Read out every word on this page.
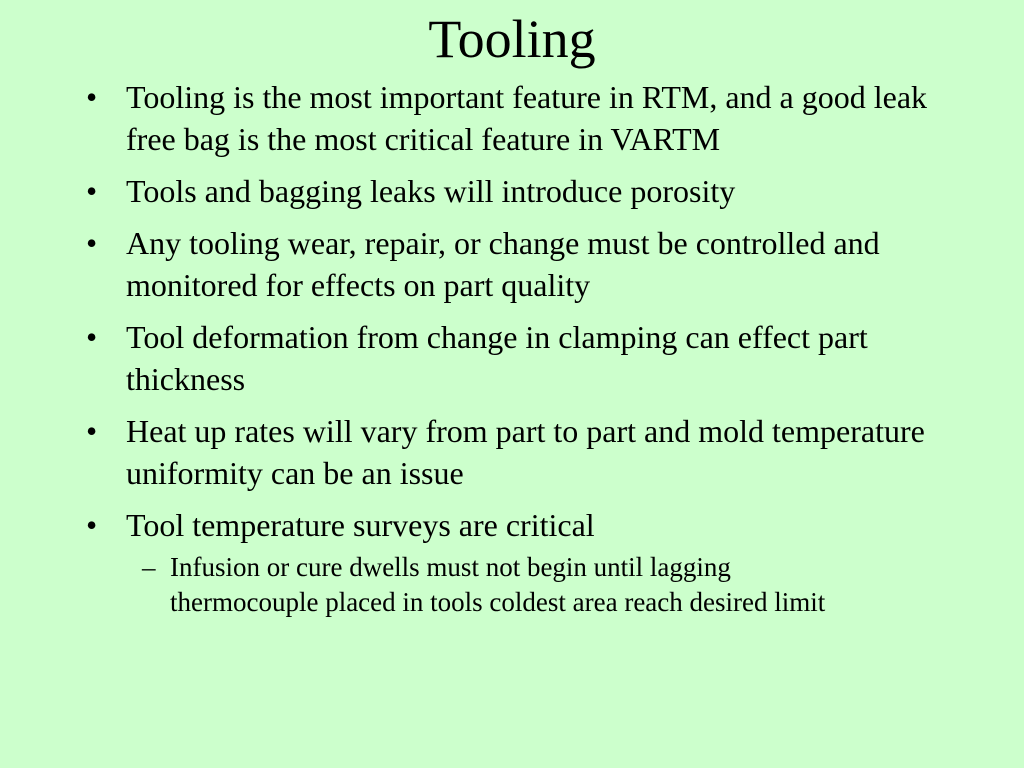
Tooling
• Tooling is the most important feature in RTM, and a good leak free bag is the most critical feature in VARTM
• Tools and bagging leaks will introduce porosity
• Any tooling wear, repair, or change must be controlled and monitored for effects on part quality
• Tool deformation from change in clamping can effect part thickness
• Heat up rates will vary from part to part and mold temperature uniformity can be an issue
• Tool temperature surveys are critical
– Infusion or cure dwells must not begin until lagging thermocouple placed in tools coldest area reach desired limit
